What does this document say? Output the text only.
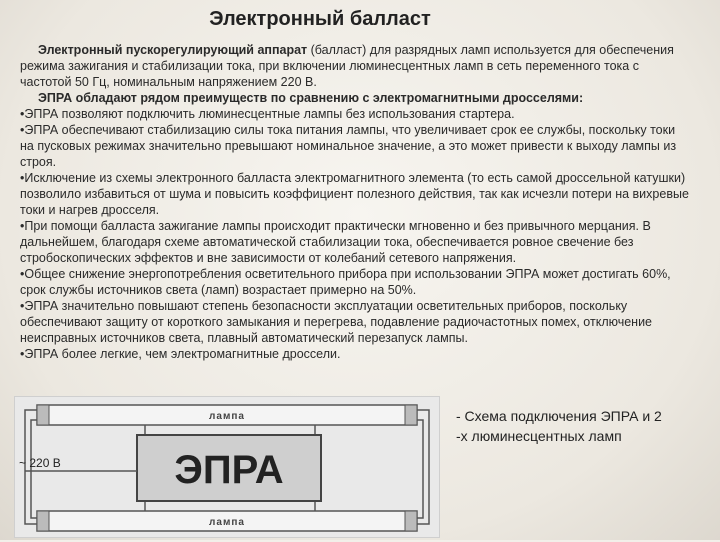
Электронный балласт

Электронный пускорегулирующий аппарат (балласт) для разрядных ламп используется для обеспечения режима зажигания и стабилизации тока, при включении люминесцентных ламп в сеть переменного тока с частотой 50 Гц, номинальным напряжением 220 В.

ЭПРА обладают рядом преимуществ по сравнению с электромагнитными дросселями:

• ЭПРА позволяют подключить люминесцентные лампы без использования стартера.

• ЭПРА обеспечивают стабилизацию силы тока питания лампы, что увеличивает срок ее службы, поскольку токи на пусковых режимах значительно превышают номинальное значение, а это может привести к выходу лампы из строя.

• Исключение из схемы электронного балласта электромагнитного элемента (то есть самой дроссельной катушки) позволило избавиться от шума и повысить коэффициент полезного действия, так как исчезли потери на вихревые токи и нагрев дросселя.

• При помощи балласта зажигание лампы происходит практически мгновенно и без привычного мерцания. В дальнейшем, благодаря схеме автоматической стабилизации тока, обеспечивается ровное свечение без стробоскопических эффектов и вне зависимости от колебаний сетевого напряжения.

• Общее снижение энергопотребления осветительного прибора при использовании ЭПРА может достигать 60%, срок службы источников света (ламп) возрастает примерно на 50%.

• ЭПРА значительно повышают степень безопасности эксплуатации осветительных приборов, поскольку обеспечивают защиту от короткого замыкания и перегрева, подавление радиочастотных помех, отключение неисправных источников света, плавный автоматический перезапуск лампы.

• ЭПРА более легкие, чем электромагнитные дроссели.

лампа
лампа
ЭПРА
~ 220 В

- Схема подключения ЭПРА и 2

-х люминесцентных ламп
